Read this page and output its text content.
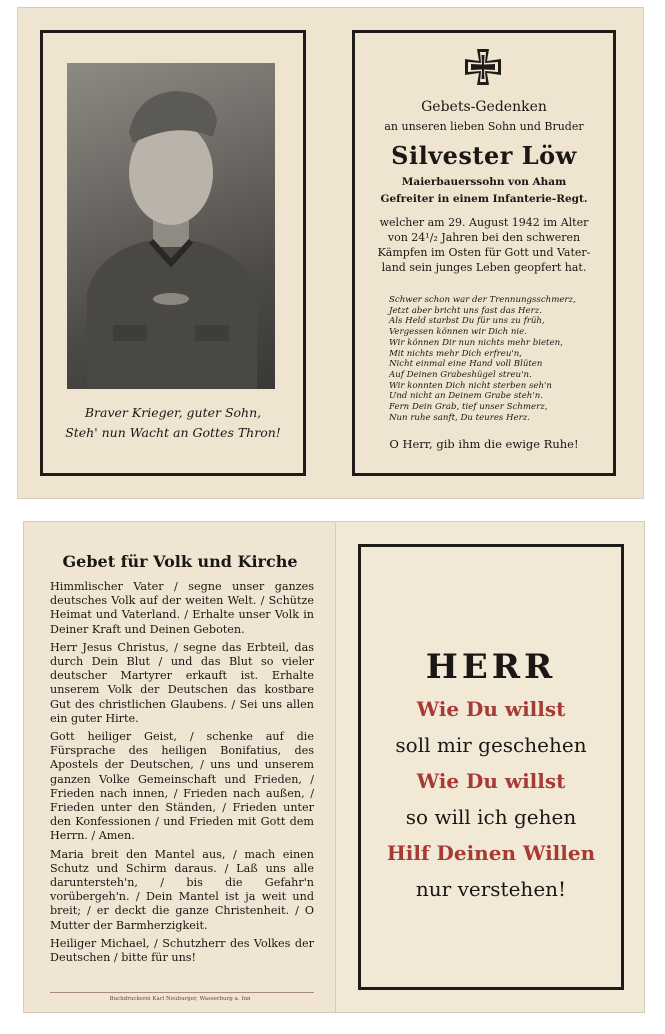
Braver Krieger, guter Sohn,
Steh' nun Wacht an Gottes Thron!
Gebets-Gedenken
an unseren lieben Sohn und Bruder
Silvester Löw
Maierbauerssohn von Aham
Gefreiter in einem Infanterie-Regt.
welcher am 29. August 1942 im Alter
von 24¹/₂ Jahren bei den schweren
Kämpfen im Osten für Gott und Vater-
land sein junges Leben geopfert hat.
Schwer schon war der Trennungsschmerz,
Jetzt aber bricht uns fast das Herz.
Als Held starbst Du für uns zu früh,
Vergessen können wir Dich nie.
Wir können Dir nun nichts mehr bieten,
Mit nichts mehr Dich erfreu'n,
Nicht einmal eine Hand voll Blüten
Auf Deinen Grabeshügel streu'n.
Wir konnten Dich nicht sterben seh'n
Und nicht an Deinem Grabe steh'n.
Fern Dein Grab, tief unser Schmerz,
Nun ruhe sanft, Du teures Herz.
O Herr, gib ihm die ewige Ruhe!
Gebet für Volk und Kirche

Himmlischer Vater / segne unser ganzes deutsches Volk auf der weiten Welt. / Schütze Heimat und Vaterland. / Erhalte unser Volk in Deiner Kraft und Deinen Geboten.

Herr Jesus Christus, / segne das Erbteil, das durch Dein Blut / und das Blut so vieler deutscher Martyrer erkauft ist. Erhalte unserem Volk der Deutschen das kostbare Gut des christlichen Glaubens. / Sei uns allen ein guter Hirte.

Gott heiliger Geist, / schenke auf die Fürsprache des heiligen Bonifatius, des Apostels der Deutschen, / uns und unserem ganzen Volke Gemeinschaft und Frieden, / Frieden nach innen, / Frieden nach außen, / Frieden unter den Ständen, / Frieden unter den Konfessionen / und Frieden mit Gott dem Herrn. / Amen.

Maria breit den Mantel aus, / mach einen Schutz und Schirm daraus. / Laß uns alle daruntersteh'n, / bis die Gefahr'n vorübergeh'n. / Dein Mantel ist ja weit und breit; / er deckt die ganze Christenheit. / O Mutter der Barmherzigkeit.

Heiliger Michael, / Schutzherr des Volkes der Deutschen / bitte für uns!

Buchdruckerei Karl Neuburger, Wasserburg a. Inn
HERR
Wie Du willst
soll mir geschehen
Wie Du willst
so will ich gehen
Hilf Deinen Willen
nur verstehen!
